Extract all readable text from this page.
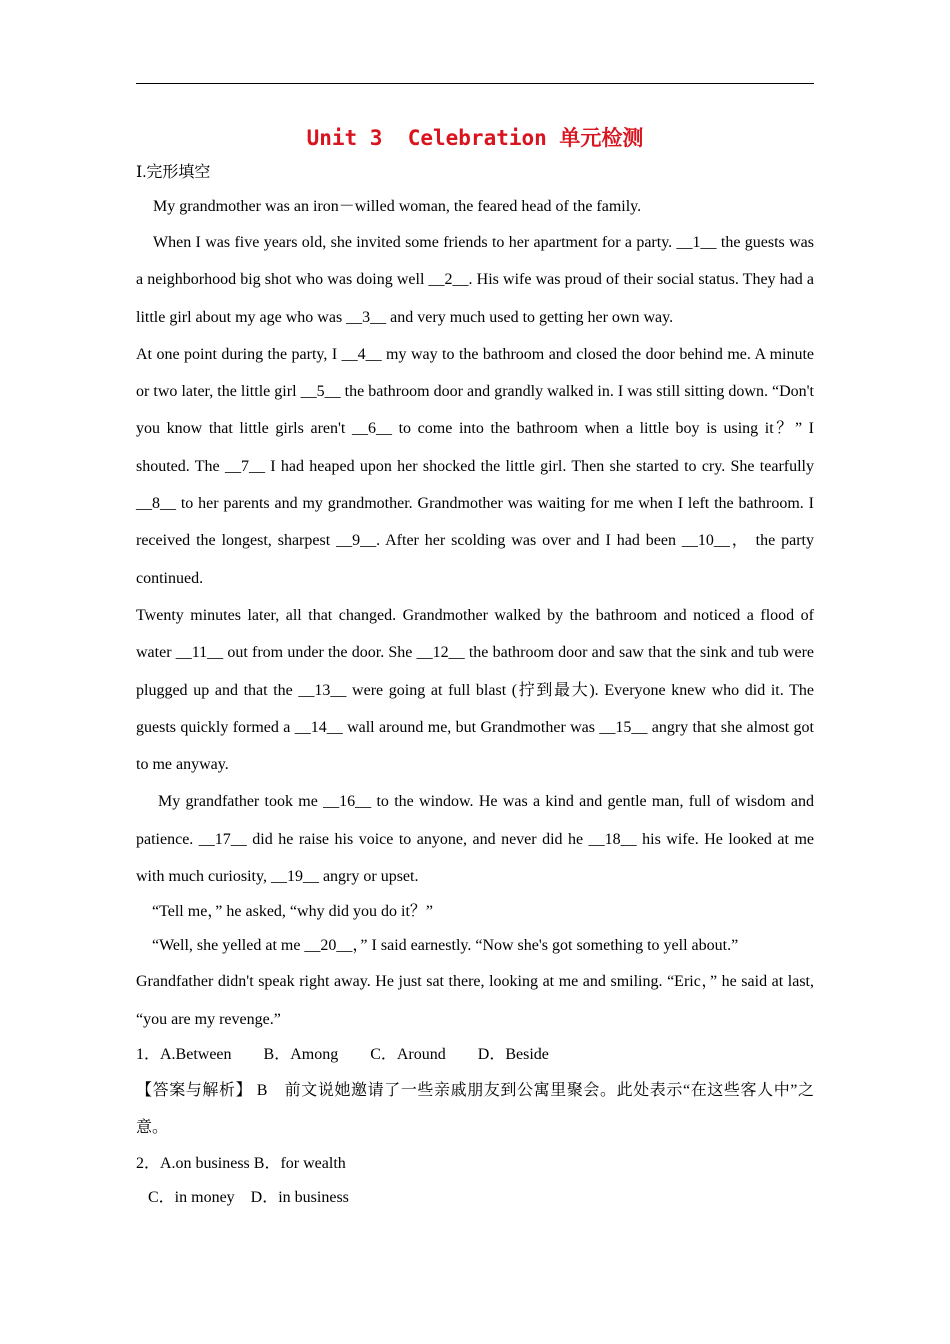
Unit 3  Celebration 单元检测
Ⅰ.完形填空
My grandmother was an iron－willed woman, the feared head of the family.

When I was five years old, she invited some friends to her apartment for a party. __1__ the guests was a neighborhood big shot who was doing well __2__. His wife was proud of their social status. They had a little girl about my age who was __3__ and very much used to getting her own way.

At one point during the party, I __4__ my way to the bathroom and closed the door behind me. A minute or two later, the little girl __5__ the bathroom door and grandly walked in. I was still sitting down. “Don't you know that little girls aren't __6__ to come into the bathroom when a little boy is using it？” I shouted. The __7__ I had heaped upon her shocked the little girl. Then she started to cry. She tearfully __8__ to her parents and my grandmother. Grandmother was waiting for me when I left the bathroom. I received the longest, sharpest __9__. After her scolding was over and I had been __10__， the party continued.

Twenty minutes later, all that changed. Grandmother walked by the bathroom and noticed a flood of water __11__ out from under the door. She __12__ the bathroom door and saw that the sink and tub were plugged up and that the __13__ were going at full blast (拧到最大). Everyone knew who did it. The guests quickly formed a __14__ wall around me, but Grandmother was __15__ angry that she almost got to me anyway.

My grandfather took me __16__ to the window. He was a kind and gentle man, full of wisdom and patience. __17__ did he raise his voice to anyone, and never did he __18__ his wife. He looked at me with much curiosity, __19__ angry or upset.

“Tell me，” he asked, “why did you do it？”
“Well, she yelled at me __20__，” I said earnestly. “Now she's got something to yell about.”

Grandfather didn't speak right away. He just sat there, looking at me and smiling. “Eric，” he said at last, “you are my revenge.”

1．A.Between　　B．Among　　C．Around　　D．Beside

【答案与解析】 B　前文说她邀请了一些亲戚朋友到公寓里聚会。此处表示“在这些客人中”之意。

2．A.on business B．for wealth
C．in money　D．in business
